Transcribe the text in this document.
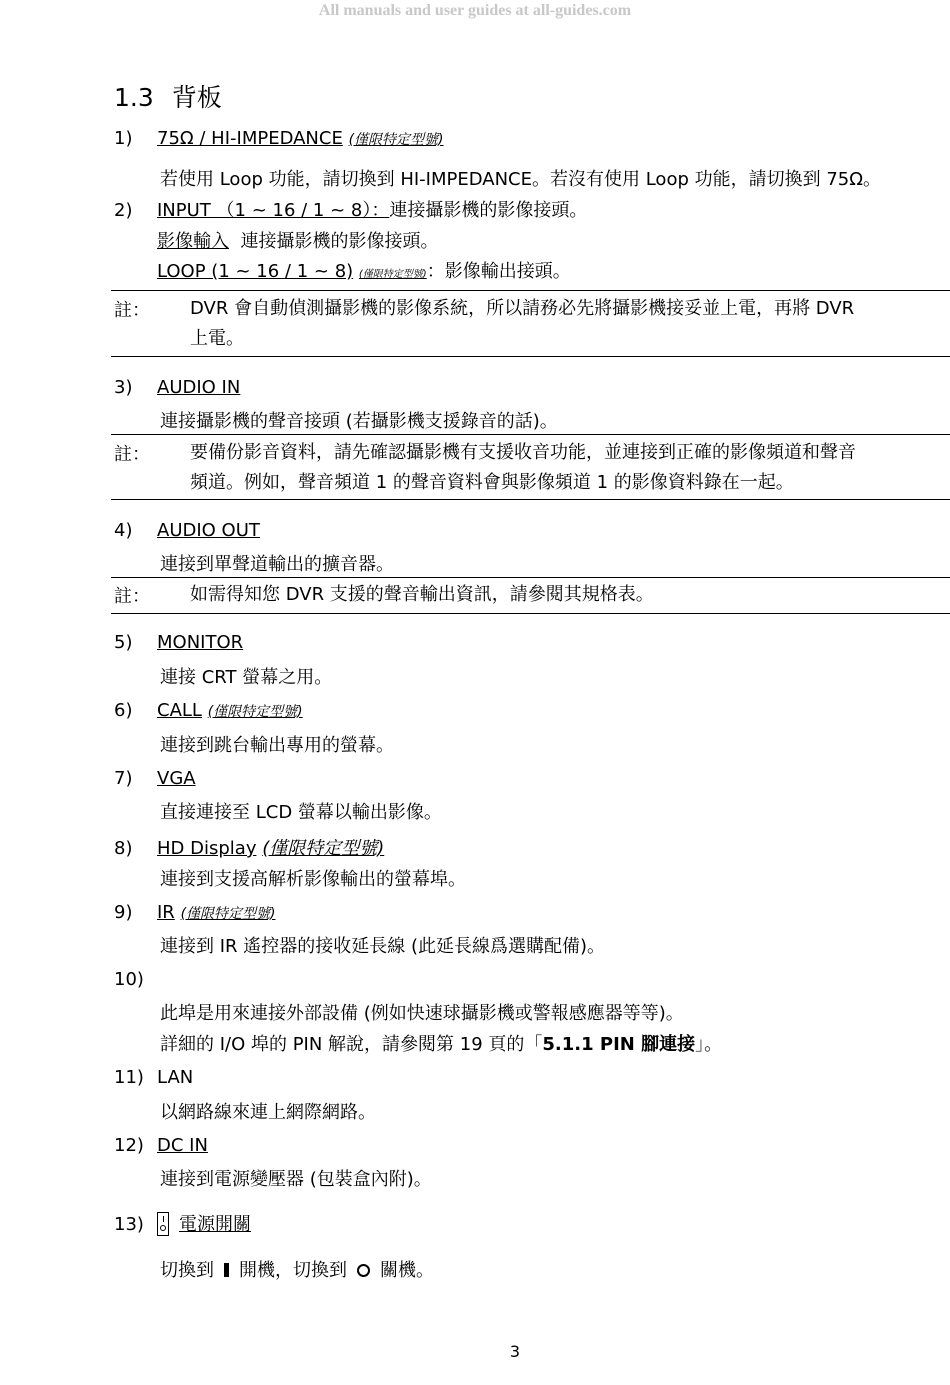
All manuals and user guides at all-guides.com
1.3 背板
1) 75Ω / HI-IMPEDANCE (僅限特定型號)
若使用 Loop 功能，請切換到 HI-IMPEDANCE。若沒有使用 Loop 功能，請切換到 75Ω。
2) INPUT （1 ~ 16 / 1 ~ 8）：連接攝影機的影像接頭。
影像輸入 連接攝影機的影像接頭。
LOOP (1 ~ 16 / 1 ~ 8) (僅限特定型號)：影像輸出接頭。
註： DVR 會自動偵測攝影機的影像系統，所以請務必先將攝影機接妥並上電，再將 DVR
上電。
3) AUDIO IN
連接攝影機的聲音接頭 (若攝影機支援錄音的話)。
註： 要備份影音資料，請先確認攝影機有支援收音功能，並連接到正確的影像頻道和聲音
頻道。例如，聲音頻道 1 的聲音資料會與影像頻道 1 的影像資料錄在一起。
4) AUDIO OUT
連接到單聲道輸出的擴音器。
註： 如需得知您 DVR 支援的聲音輸出資訊，請參閱其規格表。
5) MONITOR
連接 CRT 螢幕之用。
6) CALL (僅限特定型號)
連接到跳台輸出專用的螢幕。
7) VGA
直接連接至 LCD 螢幕以輸出影像。
8) HD Display (僅限特定型號)
連接到支援高解析影像輸出的螢幕埠。
9) IR (僅限特定型號)
連接到 IR 遙控器的接收延長線 (此延長線爲選購配備)。
10)
此埠是用來連接外部設備 (例如快速球攝影機或警報感應器等等)。
詳細的 I/O 埠的 PIN 解說，請參閱第 19 頁的「5.1.1 PIN 腳連接」。
11) LAN
以網路線來連上網際網路。
12) DC IN
連接到電源變壓器 (包裝盒內附)。
13) 電源開關
切換到 開機，切換到 關機。
3
